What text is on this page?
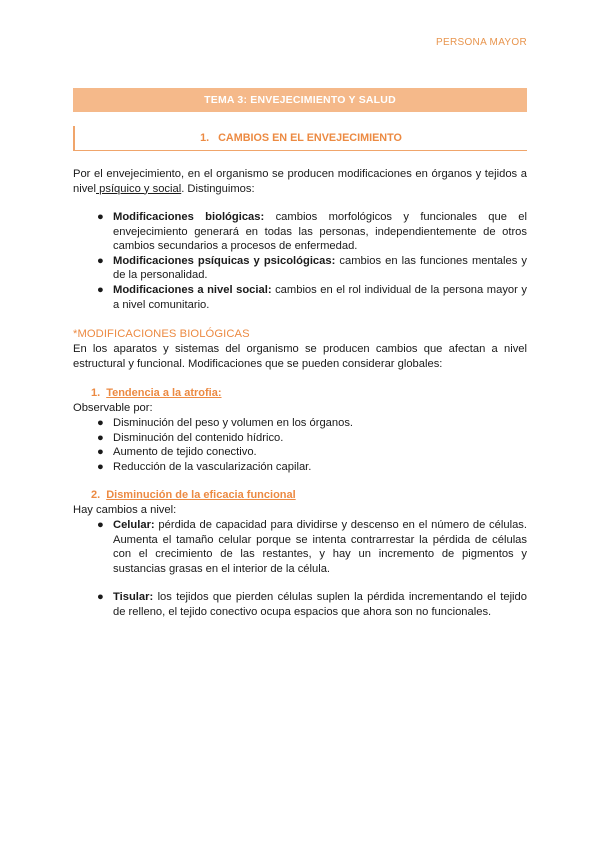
PERSONA MAYOR
TEMA 3: ENVEJECIMIENTO Y SALUD
1. CAMBIOS EN EL ENVEJECIMIENTO
Por el envejecimiento, en el organismo se producen modificaciones en órganos y tejidos a nivel psíquico y social. Distinguimos:
● Modificaciones biológicas: cambios morfológicos y funcionales que el envejecimiento generará en todas las personas, independientemente de otros cambios secundarios a procesos de enfermedad.
● Modificaciones psíquicas y psicológicas: cambios en las funciones mentales y de la personalidad.
● Modificaciones a nivel social: cambios en el rol individual de la persona mayor y a nivel comunitario.
*MODIFICACIONES BIOLÓGICAS
En los aparatos y sistemas del organismo se producen cambios que afectan a nivel estructural y funcional. Modificaciones que se pueden considerar globales:
1. Tendencia a la atrofia:
Observable por:
● Disminución del peso y volumen en los órganos.
● Disminución del contenido hídrico.
● Aumento de tejido conectivo.
● Reducción de la vascularización capilar.
2. Disminución de la eficacia funcional
Hay cambios a nivel:
● Celular: pérdida de capacidad para dividirse y descenso en el número de células. Aumenta el tamaño celular porque se intenta contrarrestar la pérdida de células con el crecimiento de las restantes, y hay un incremento de pigmentos y sustancias grasas en el interior de la célula.
● Tisular: los tejidos que pierden células suplen la pérdida incrementando el tejido de relleno, el tejido conectivo ocupa espacios que ahora son no funcionales.
